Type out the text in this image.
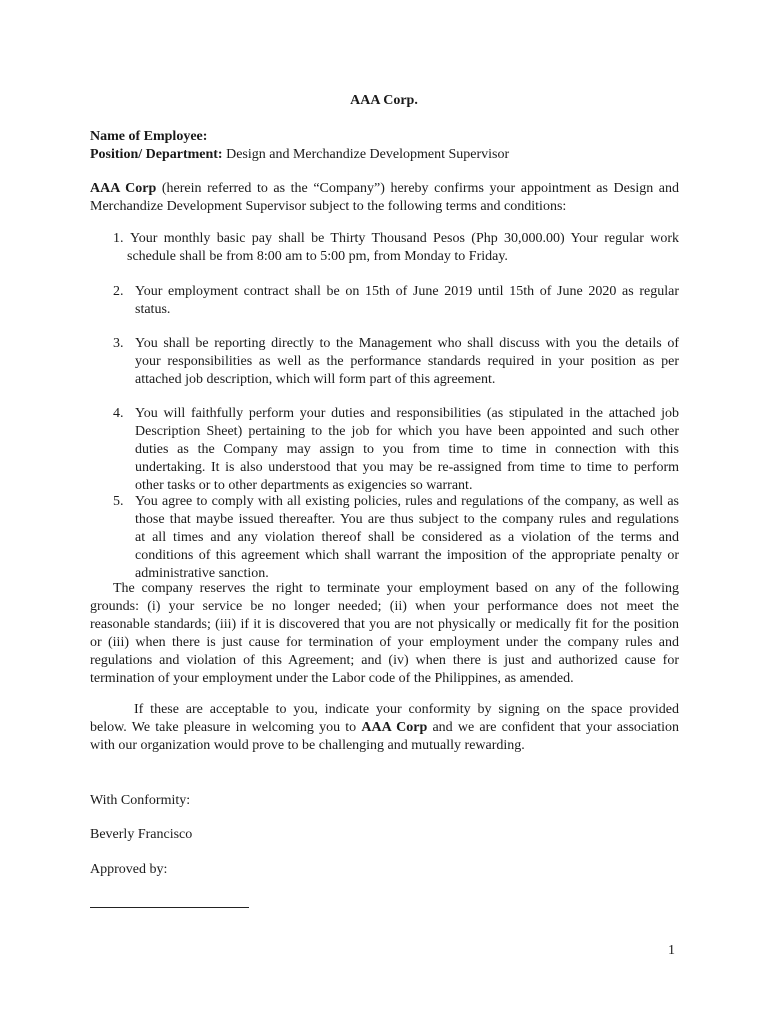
AAA Corp.
Name of Employee:
Position/ Department: Design and Merchandize Development Supervisor
AAA Corp (herein referred to as the “Company”) hereby confirms your appointment as Design and
Merchandize Development Supervisor subject to the following terms and conditions:
1. Your monthly basic pay shall be Thirty Thousand Pesos (Php 30,000.00) Your regular work
schedule shall be from 8:00 am to 5:00 pm, from Monday to Friday.
2. Your employment contract shall be on 15th of June 2019 until 15th of June 2020 as regular
status.
3. You shall be reporting directly to the Management who shall discuss with you the details of
your responsibilities as well as the performance standards required in your position as per
attached job description, which will form part of this agreement.
4. You will faithfully perform your duties and responsibilities (as stipulated in the attached job
Description Sheet) pertaining to the job for which you have been appointed and such other
duties as the Company may assign to you from time to time in connection with this
undertaking. It is also understood that you may be re-assigned from time to time to perform
other tasks or to other departments as exigencies so warrant.
5. You agree to comply with all existing policies, rules and regulations of the company, as well as
those that maybe issued thereafter. You are thus subject to the company rules and regulations
at all times and any violation thereof shall be considered as a violation of the terms and
conditions of this agreement which shall warrant the imposition of the appropriate penalty or
administrative sanction.
The company reserves the right to terminate your employment based on any of the following
grounds: (i) your service be no longer needed; (ii) when your performance does not meet the
reasonable standards; (iii) if it is discovered that you are not physically or medically fit for the position
or (iii) when there is just cause for termination of your employment under the company rules and
regulations and violation of this Agreement; and (iv) when there is just and authorized cause for
termination of your employment under the Labor code of the Philippines, as amended.
If these are acceptable to you, indicate your conformity by signing on the space provided
below. We take pleasure in welcoming you to AAA Corp and we are confident that your association
with our organization would prove to be challenging and mutually rewarding.
With Conformity:
Beverly Francisco
Approved by:
1
